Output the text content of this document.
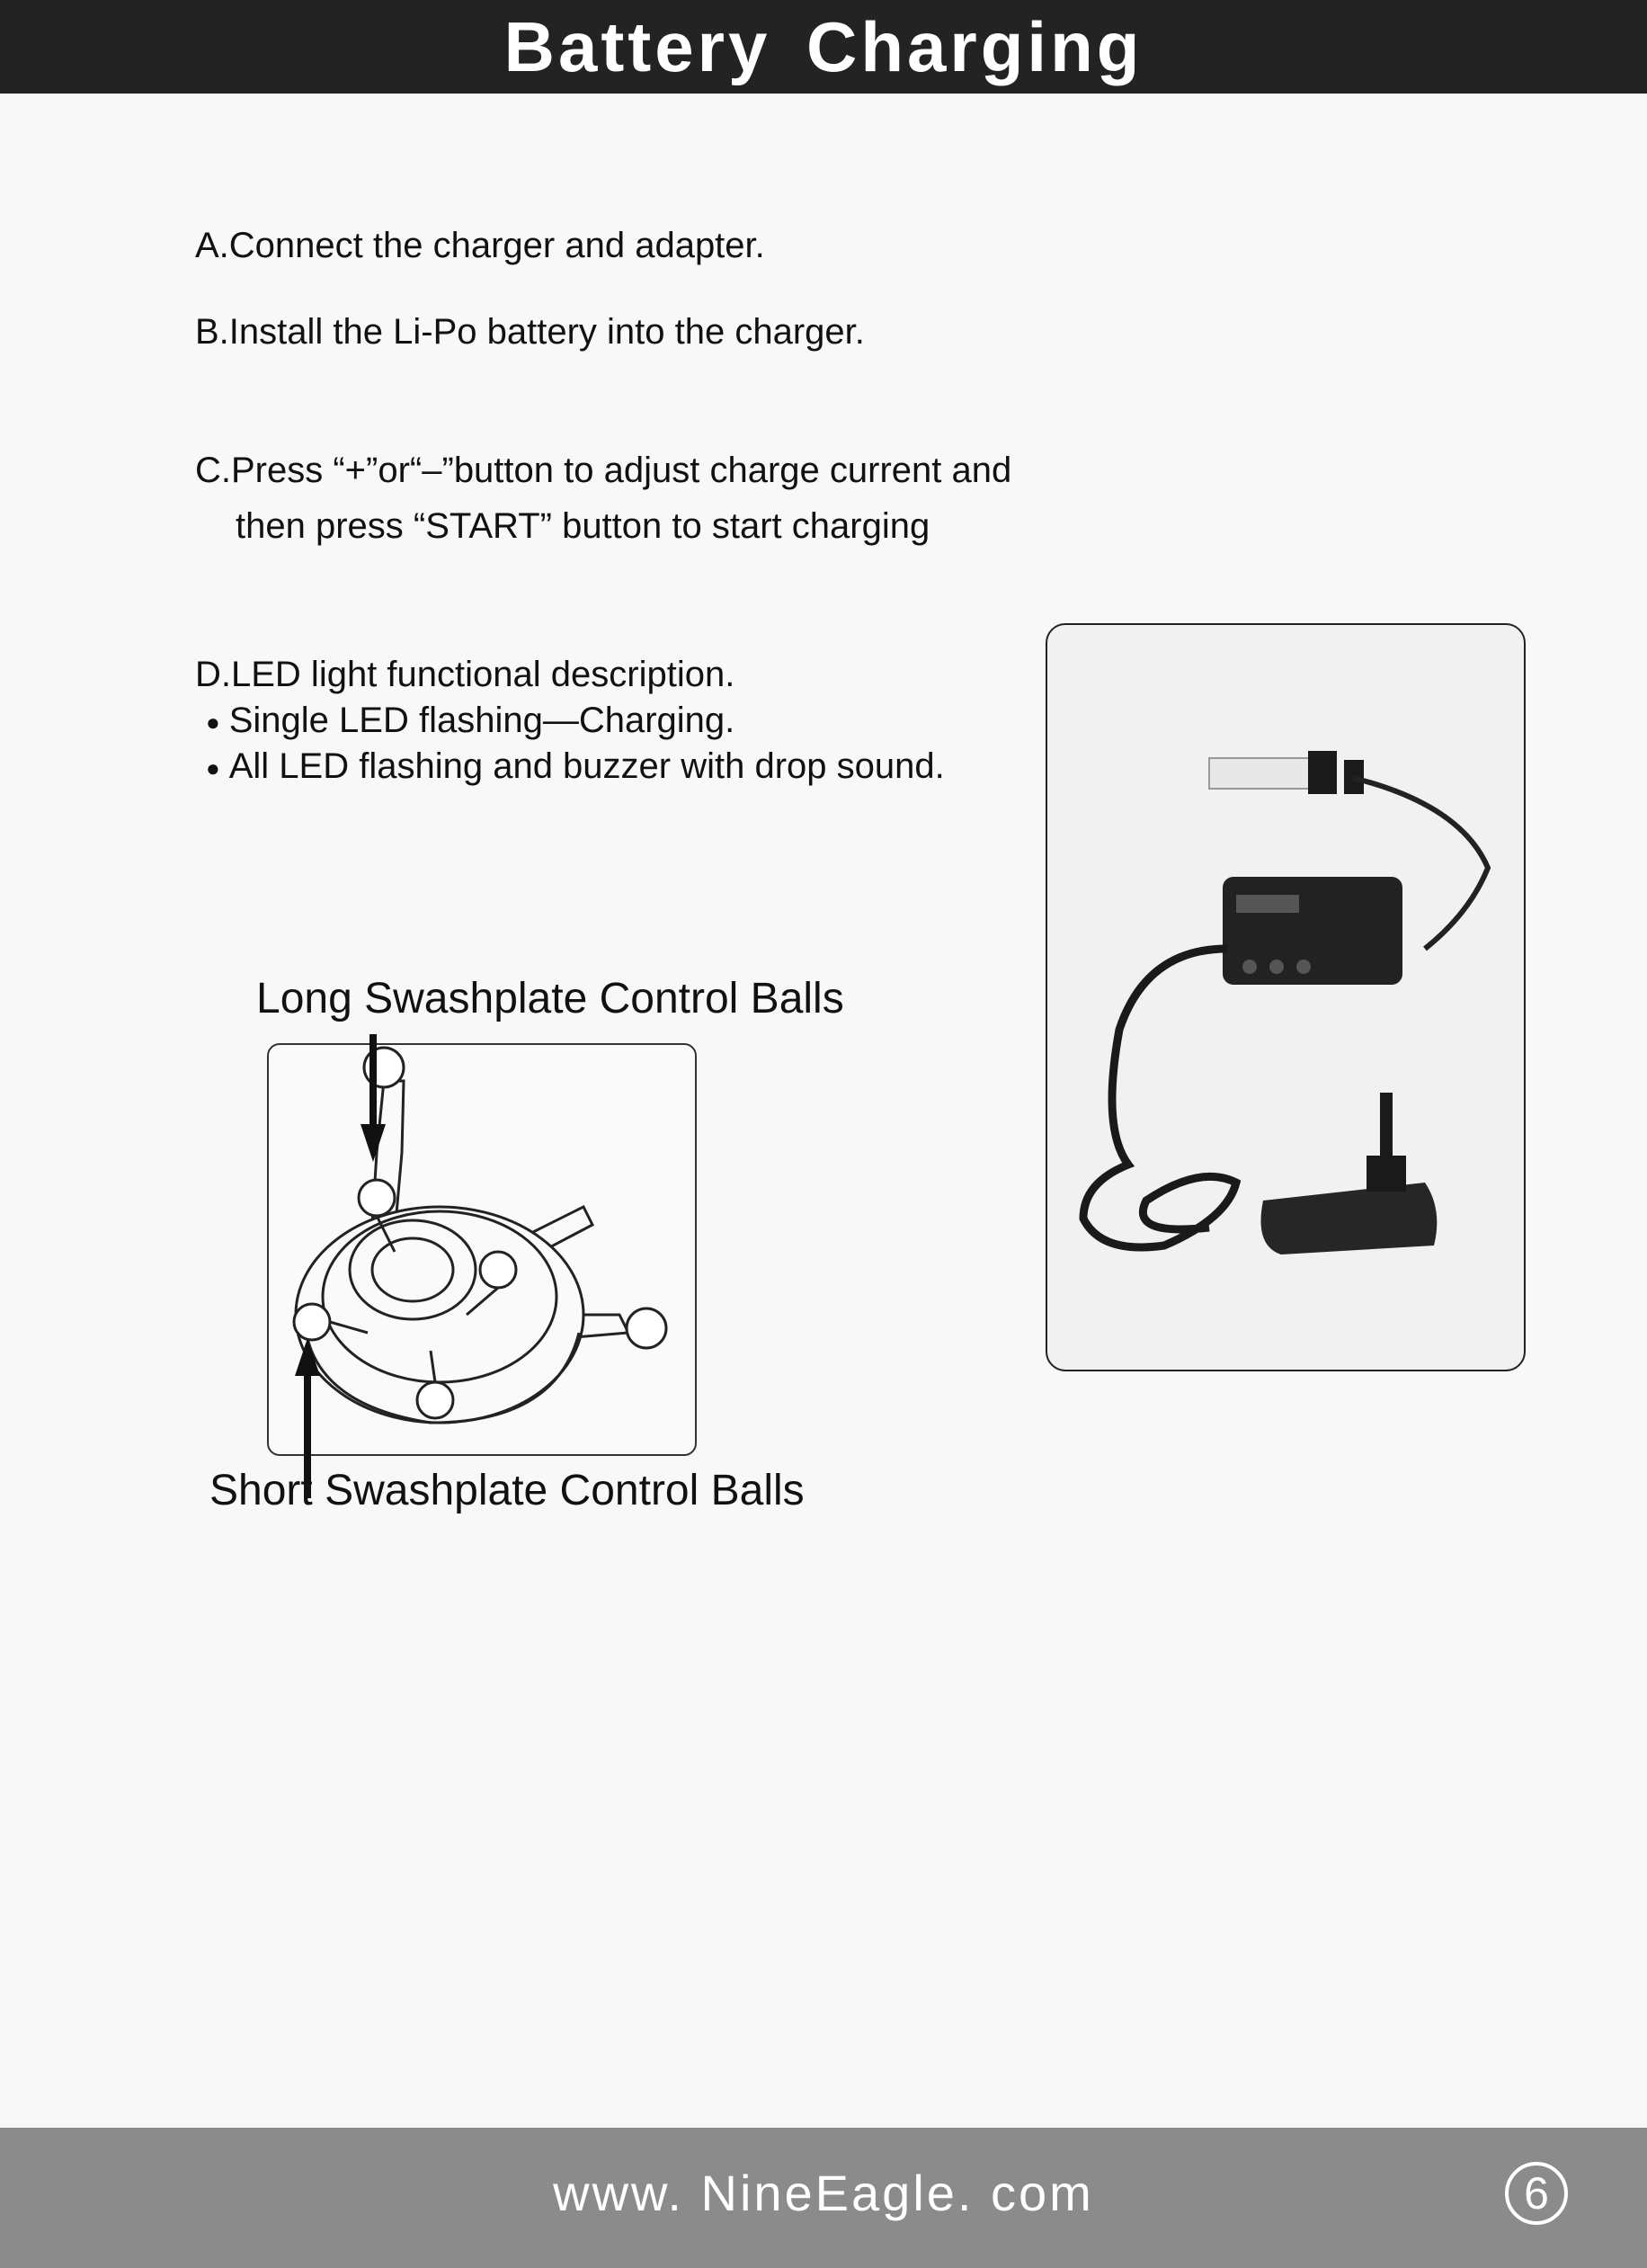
Battery Charging
A.Connect the charger and adapter.
B.Install the Li-Po battery into the charger.
C.Press “+”or“–”button to adjust charge current and
then press “START” button to start charging
D.LED light functional description.
● Single LED flashing—Charging.
● All LED flashing and buzzer with drop sound.
Long Swashplate Control Balls
Short Swashplate Control Balls
www. NineEagle. com	6
